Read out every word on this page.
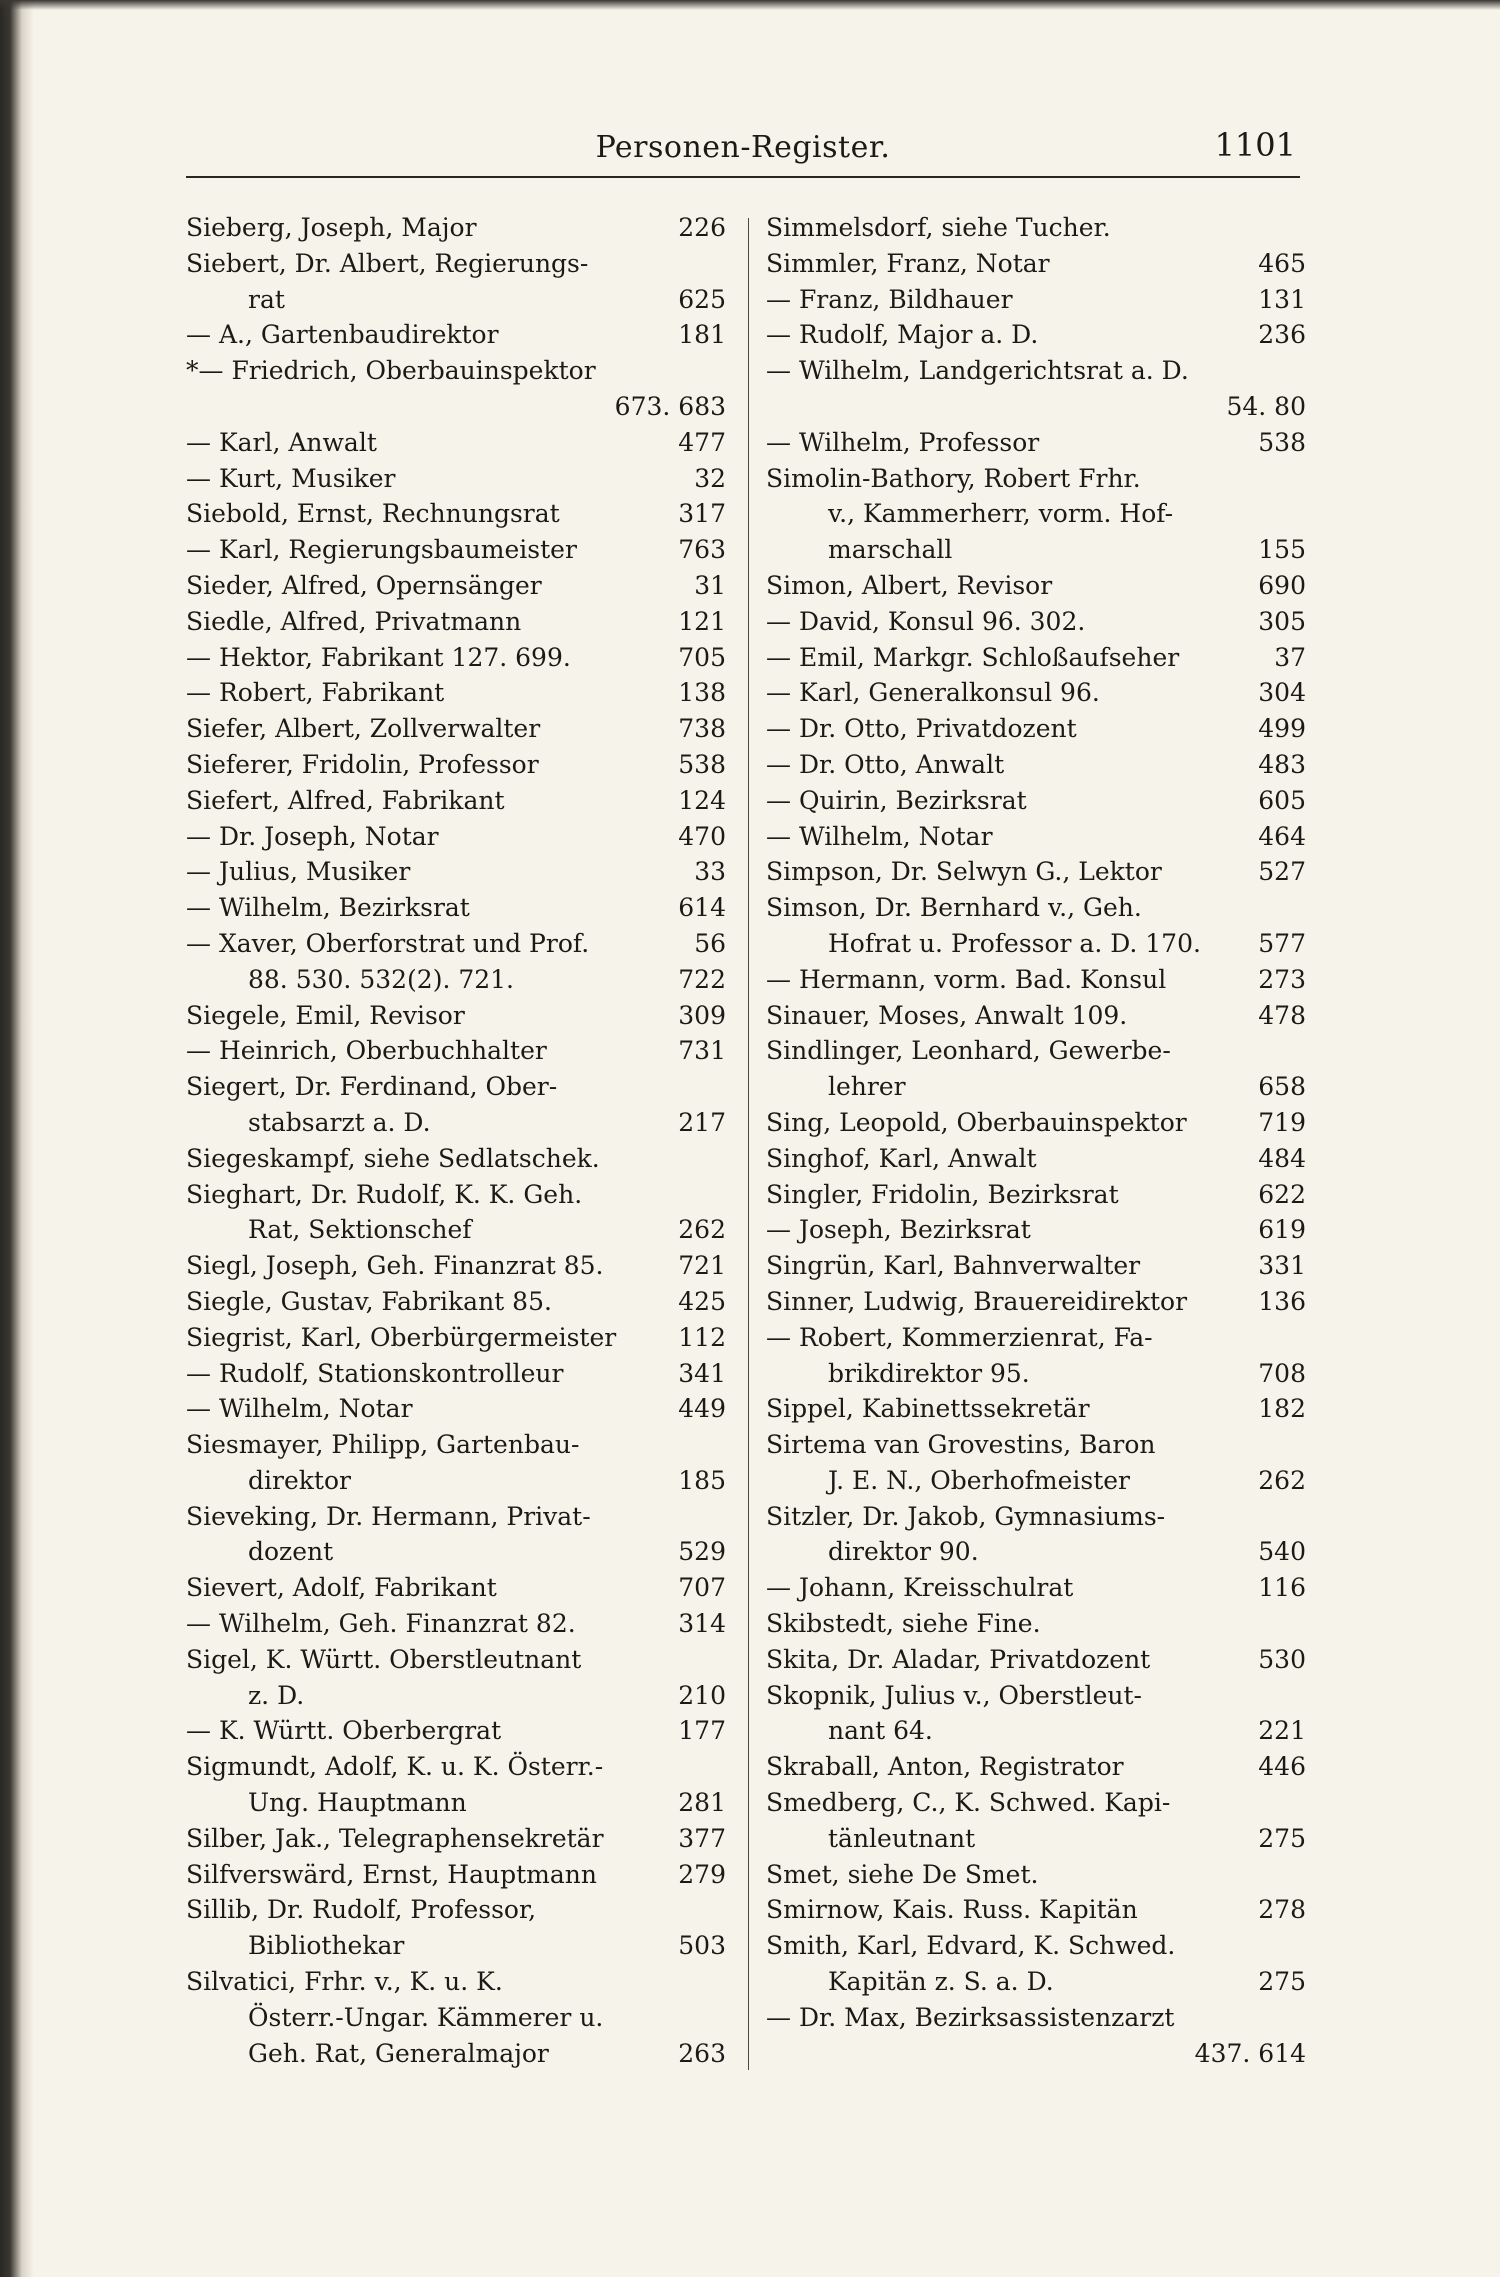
Personen-Register.	1101
Sieberg, Joseph, Major	226
Siebert, Dr. Albert, Regierungs-
rat	625
— A., Gartenbaudirektor	181
*— Friedrich, Oberbauinspektor
673. 683
— Karl, Anwalt	477
— Kurt, Musiker	32
Siebold, Ernst, Rechnungsrat	317
— Karl, Regierungsbaumeister	763
Sieder, Alfred, Opernsänger	31
Siedle, Alfred, Privatmann	121
— Hektor, Fabrikant 127. 699.	705
— Robert, Fabrikant	138
Siefer, Albert, Zollverwalter	738
Sieferer, Fridolin, Professor	538
Siefert, Alfred, Fabrikant	124
— Dr. Joseph, Notar	470
— Julius, Musiker	33
— Wilhelm, Bezirksrat	614
— Xaver, Oberforstrat und Prof.	56
88. 530. 532(2). 721.	722
Siegele, Emil, Revisor	309
— Heinrich, Oberbuchhalter	731
Siegert, Dr. Ferdinand, Ober-
stabsarzt a. D.	217
Siegeskampf, siehe Sedlatschek.
Sieghart, Dr. Rudolf, K. K. Geh.
Rat, Sektionschef	262
Siegl, Joseph, Geh. Finanzrat 85.	721
Siegle, Gustav, Fabrikant 85.	425
Siegrist, Karl, Oberbürgermeister 112
— Rudolf, Stationskontrolleur	341
— Wilhelm, Notar	449
Siesmayer, Philipp, Gartenbau-
direktor	185
Sieveking, Dr. Hermann, Privat-
dozent	529
Sievert, Adolf, Fabrikant	707
— Wilhelm, Geh. Finanzrat 82.	314
Sigel, K. Württ. Oberstleutnant
z. D.	210
— K. Württ. Oberbergrat	177
Sigmundt, Adolf, K. u. K. Österr.-
Ung. Hauptmann	281
Silber, Jak., Telegraphensekretär	377
Silfverswärd, Ernst, Hauptmann	279
Sillib, Dr. Rudolf, Professor,
Bibliothekar	503
Silvatici, Frhr. v., K. u. K.
Österr.-Ungar. Kämmerer u.
Geh. Rat, Generalmajor	263
Simmelsdorf, siehe Tucher.
Simmler, Franz, Notar	465
— Franz, Bildhauer	131
— Rudolf, Major a. D.	236
— Wilhelm, Landgerichtsrat a. D.
54. 80
— Wilhelm, Professor	538
Simolin-Bathory, Robert Frhr.
v., Kammerherr, vorm. Hof-
marschall	155
Simon, Albert, Revisor	690
— David, Konsul 96. 302.	305
— Emil, Markgr. Schloßaufseher	37
— Karl, Generalkonsul 96.	304
— Dr. Otto, Privatdozent	499
— Dr. Otto, Anwalt	483
— Quirin, Bezirksrat	605
— Wilhelm, Notar	464
Simpson, Dr. Selwyn G., Lektor	527
Simson, Dr. Bernhard v., Geh.
Hofrat u. Professor a. D. 170. 577
— Hermann, vorm. Bad. Konsul	273
Sinauer, Moses, Anwalt 109.	478
Sindlinger, Leonhard, Gewerbe-
lehrer	658
Sing, Leopold, Oberbauinspektor	719
Singhof, Karl, Anwalt	484
Singler, Fridolin, Bezirksrat	622
— Joseph, Bezirksrat	619
Singrün, Karl, Bahnverwalter	331
Sinner, Ludwig, Brauereidirektor	136
— Robert, Kommerzienrat, Fa-
brikdirektor 95.	708
Sippel, Kabinettssekretär	182
Sirtema van Grovestins, Baron
J. E. N., Oberhofmeister	262
Sitzler, Dr. Jakob, Gymnasiums-
direktor 90.	540
— Johann, Kreisschulrat	116
Skibstedt, siehe Fine.
Skita, Dr. Aladar, Privatdozent	530
Skopnik, Julius v., Oberstleut-
nant 64.	221
Skraball, Anton, Registrator	446
Smedberg, C., K. Schwed. Kapi-
tänleutnant	275
Smet, siehe De Smet.
Smirnow, Kais. Russ. Kapitän	278
Smith, Karl, Edvard, K. Schwed.
Kapitän z. S. a. D.	275
— Dr. Max, Bezirksassistenzarzt
437. 614
